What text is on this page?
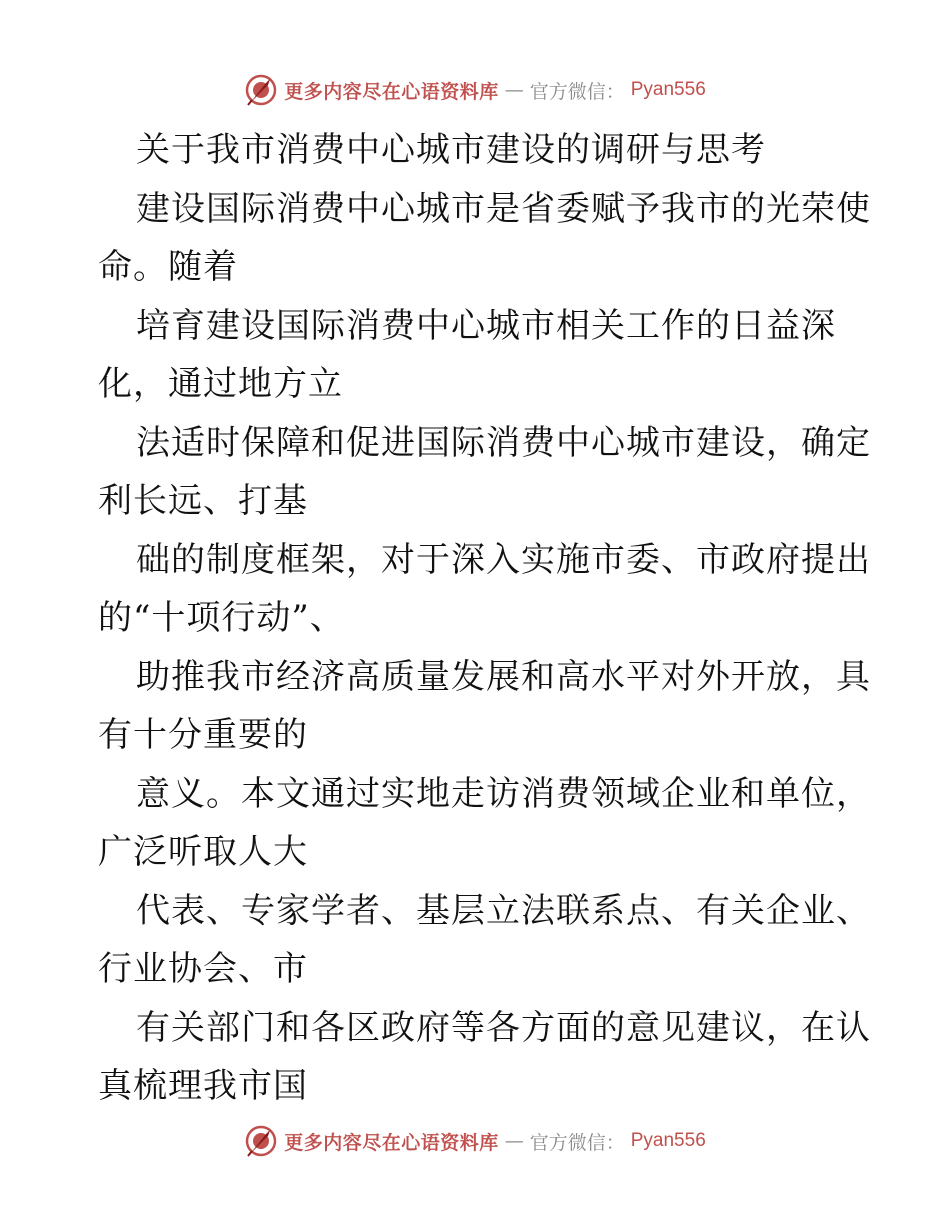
更多内容尽在心语资料库 — 官方微信： Pyan556
关于我市消费中心城市建设的调研与思考
建设国际消费中心城市是省委赋予我市的光荣使
命。随着
培育建设国际消费中心城市相关工作的日益深
化，通过地方立
法适时保障和促进国际消费中心城市建设，确定
利长远、打基
础的制度框架，对于深入实施市委、市政府提出
的“十项行动”、
助推我市经济高质量发展和高水平对外开放，具
有十分重要的
意义。本文通过实地走访消费领域企业和单位，
广泛听取人大
代表、专家学者、基层立法联系点、有关企业、
行业协会、市
有关部门和各区政府等各方面的意见建议，在认
真梳理我市国
更多内容尽在心语资料库 — 官方微信： Pyan556
